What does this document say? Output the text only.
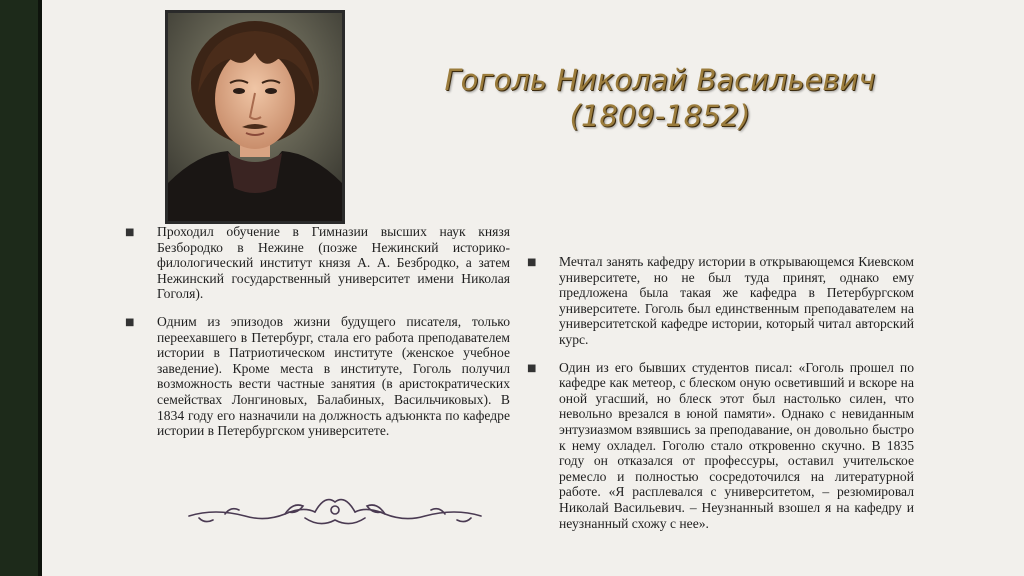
Гоголь Николай Васильевич
(1809-1852)
■ Проходил обучение в Гимназии высших наук князя Безбородко в Нежине (позже Нежинский историко-филологический институт князя А. А. Безбродко, а затем Нежинский государственный университет имени Николая Гоголя).
■ Одним из эпизодов жизни будущего писателя, только переехавшего в Петербург, стала его работа преподавателем истории в Патриотическом институте (женское учебное заведение). Кроме места в институте, Гоголь получил возможность вести частные занятия (в аристократических семействах Лонгиновых, Балабиных, Васильчиковых). В 1834 году его назначили на должность адъюнкта по кафедре истории в Петербургском университете.
■ Мечтал занять кафедру истории в открывающемся Киевском университете, но не был туда принят, однако ему предложена была такая же кафедра в Петербургском университете. Гоголь был единственным преподавателем на университетской кафедре истории, который читал авторский курс.
■ Один из его бывших студентов писал: «Гоголь прошел по кафедре как метеор, с блеском оную осветивший и вскоре на оной угасший, но блеск этот был настолько силен, что невольно врезался в юной памяти». Однако с невиданным энтузиазмом взявшись за преподавание, он довольно быстро к нему охладел. Гоголю стало откровенно скучно. В 1835 году он отказался от профессуры, оставил учительское ремесло и полностью сосредоточился на литературной работе. «Я расплевался с университетом, – резюмировал Николай Васильевич. – Неузнанный взошел я на кафедру и неузнанный схожу с нее».
